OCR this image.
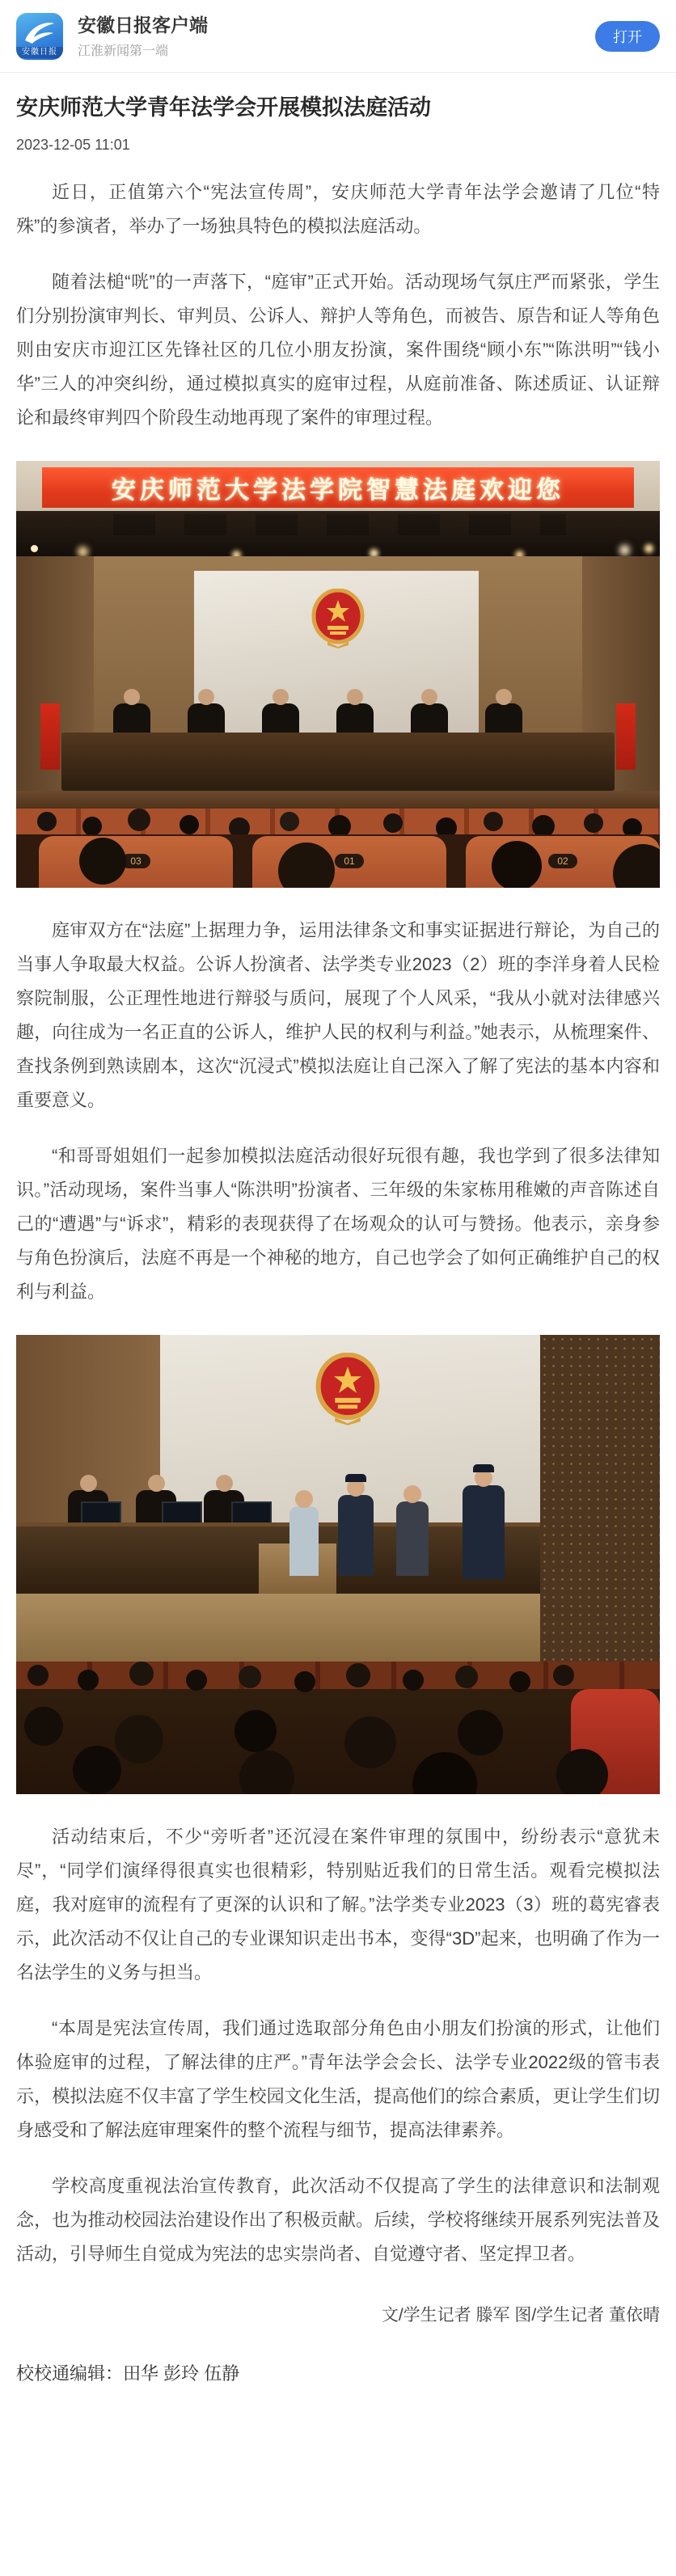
安徽日报
安徽日报客户端
江淮新闻第一端
打开
安庆师范大学青年法学会开展模拟法庭活动
2023-12-05 11:01

近日，正值第六个“宪法宣传周”，安庆师范大学青年法学会邀请了几位“特殊”的参演者，举办了一场独具特色的模拟法庭活动。

随着法槌“咣”的一声落下，“庭审”正式开始。活动现场气氛庄严而紧张，学生们分别扮演审判长、审判员、公诉人、辩护人等角色，而被告、原告和证人等角色则由安庆市迎江区先锋社区的几位小朋友扮演，案件围绕“顾小东”“陈洪明”“钱小华”三人的冲突纠纷，通过模拟真实的庭审过程，从庭前准备、陈述质证、认证辩论和最终审判四个阶段生动地再现了案件的审理过程。

安庆师范大学法学院智慧法庭欢迎您
03	01	02

庭审双方在“法庭”上据理力争，运用法律条文和事实证据进行辩论，为自己的当事人争取最大权益。公诉人扮演者、法学类专业2023（2）班的李洋身着人民检察院制服，公正理性地进行辩驳与质问，展现了个人风采，“我从小就对法律感兴趣，向往成为一名正直的公诉人，维护人民的权利与利益。”她表示，从梳理案件、查找条例到熟读剧本，这次“沉浸式”模拟法庭让自己深入了解了宪法的基本内容和重要意义。

“和哥哥姐姐们一起参加模拟法庭活动很好玩很有趣，我也学到了很多法律知识。”活动现场，案件当事人“陈洪明”扮演者、三年级的朱家栋用稚嫩的声音陈述自己的“遭遇”与“诉求”，精彩的表现获得了在场观众的认可与赞扬。他表示，亲身参与角色扮演后，法庭不再是一个神秘的地方，自己也学会了如何正确维护自己的权利与利益。

活动结束后，不少“旁听者”还沉浸在案件审理的氛围中，纷纷表示“意犹未尽”，“同学们演绎得很真实也很精彩，特别贴近我们的日常生活。观看完模拟法庭，我对庭审的流程有了更深的认识和了解。”法学类专业2023（3）班的葛宪睿表示，此次活动不仅让自己的专业课知识走出书本，变得“3D”起来，也明确了作为一名法学生的义务与担当。

“本周是宪法宣传周，我们通过选取部分角色由小朋友们扮演的形式，让他们体验庭审的过程，了解法律的庄严。”青年法学会会长、法学专业2022级的管韦表示，模拟法庭不仅丰富了学生校园文化生活，提高他们的综合素质，更让学生们切身感受和了解法庭审理案件的整个流程与细节，提高法律素养。

学校高度重视法治宣传教育，此次活动不仅提高了学生的法律意识和法制观念，也为推动校园法治建设作出了积极贡献。后续，学校将继续开展系列宪法普及活动，引导师生自觉成为宪法的忠实崇尚者、自觉遵守者、坚定捍卫者。

文/学生记者 滕军 图/学生记者 董依晴
校校通编辑：田华 彭玲 伍静
